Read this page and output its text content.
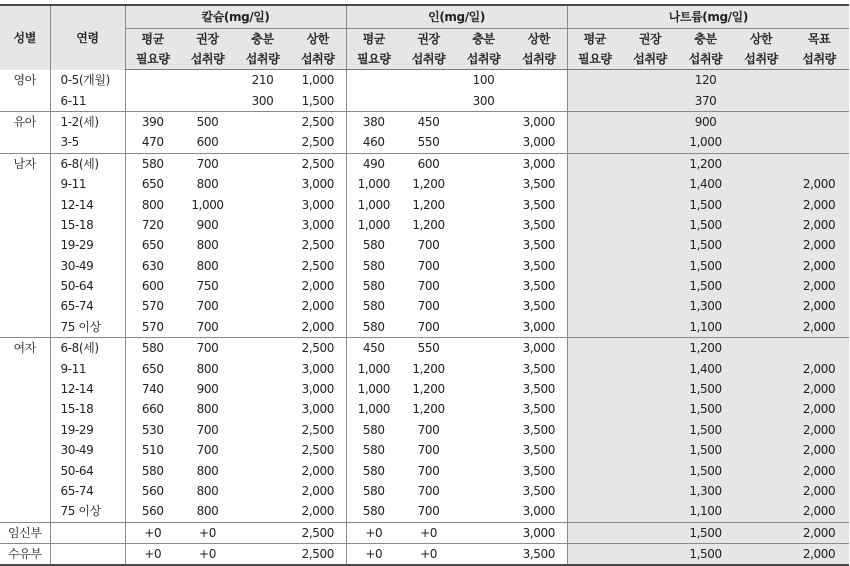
성별	연령	칼슘(mg/일)				인(mg/일)				나트륨(mg/일)				
		평균	권장	충분	상한	평균	권장	충분	상한	평균	권장	충분	상한	목표
		필요량	섭취량	섭취량	섭취량	필요량	섭취량	섭취량	섭취량	필요량	섭취량	섭취량	섭취량	섭취량
영아	0-5(개월)			210	1,000			100				120		
	6-11			300	1,500			300				370		
유아	1-2(세)	390	500		2,500	380	450		3,000			900		
	3-5	470	600		2,500	460	550		3,000			1,000		
남자	6-8(세)	580	700		2,500	490	600		3,000			1,200		
	9-11	650	800		3,000	1,000	1,200		3,500			1,400		2,000
	12-14	800	1,000		3,000	1,000	1,200		3,500			1,500		2,000
	15-18	720	900		3,000	1,000	1,200		3,500			1,500		2,000
	19-29	650	800		2,500	580	700		3,500			1,500		2,000
	30-49	630	800		2,500	580	700		3,500			1,500		2,000
	50-64	600	750		2,000	580	700		3,500			1,500		2,000
	65-74	570	700		2,000	580	700		3,500			1,300		2,000
	75 이상	570	700		2,000	580	700		3,000			1,100		2,000
여자	6-8(세)	580	700		2,500	450	550		3,000			1,200		
	9-11	650	800		3,000	1,000	1,200		3,500			1,400		2,000
	12-14	740	900		3,000	1,000	1,200		3,500			1,500		2,000
	15-18	660	800		3,000	1,000	1,200		3,500			1,500		2,000
	19-29	530	700		2,500	580	700		3,500			1,500		2,000
	30-49	510	700		2,500	580	700		3,500			1,500		2,000
	50-64	580	800		2,000	580	700		3,500			1,500		2,000
	65-74	560	800		2,000	580	700		3,500			1,300		2,000
	75 이상	560	800		2,000	580	700		3,000			1,100		2,000
임신부		+0	+0		2,500	+0	+0		3,000			1,500		2,000
수유부		+0	+0		2,500	+0	+0		3,500			1,500		2,000
